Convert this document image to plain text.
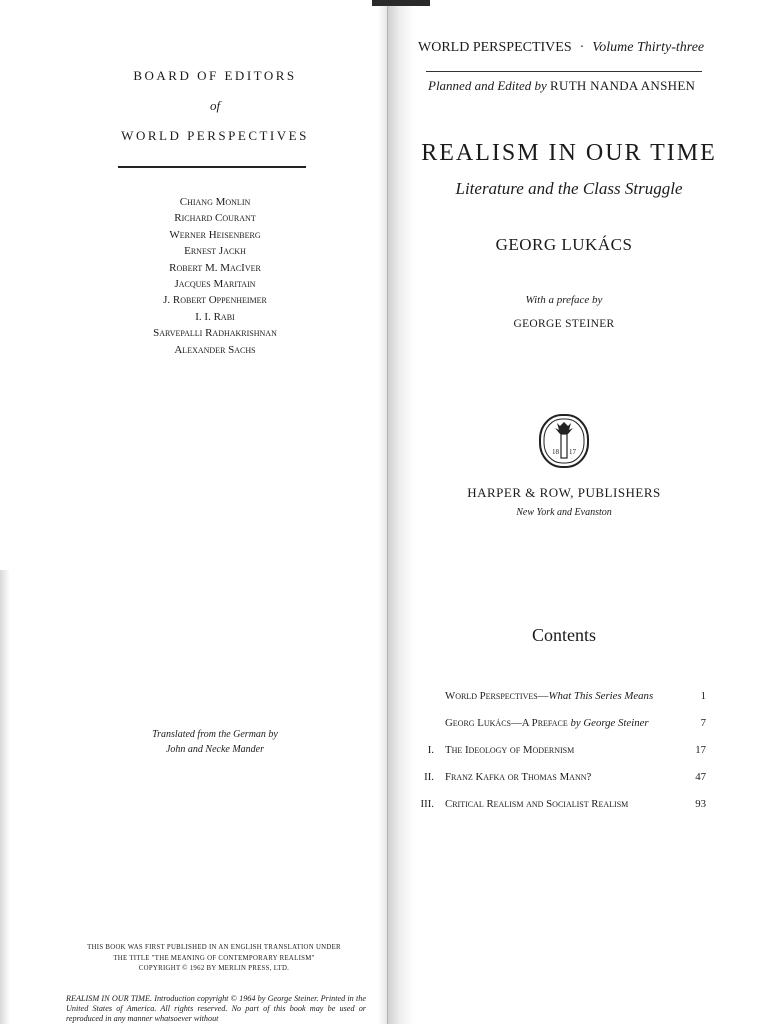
BOARD OF EDITORS
of
WORLD PERSPECTIVES
Chiang Monlin
Richard Courant
Werner Heisenberg
Ernest Jackh
Robert M. MacIver
Jacques Maritain
J. Robert Oppenheimer
I. I. Rabi
Sarvepalli Radhakrishnan
Alexander Sachs
Translated from the German by
John and Necke Mander
THIS BOOK WAS FIRST PUBLISHED IN AN ENGLISH TRANSLATION UNDER
THE TITLE "THE MEANING OF CONTEMPORARY REALISM"
COPYRIGHT © 1962 BY MERLIN PRESS, LTD.
REALISM IN OUR TIME. Introduction copyright © 1964 by George Steiner. Printed in the United States of America. All rights reserved. No part of this book may be used or reproduced in any manner whatsoever without
WORLD PERSPECTIVES · Volume Thirty-three
Planned and Edited by RUTH NANDA ANSHEN
REALISM IN OUR TIME
Literature and the Class Struggle
GEORG LUKÁCS
With a preface by
GEORGE STEINER
18 17
HARPER & ROW, PUBLISHERS
New York and Evanston
Contents
World Perspectives—What This Series Means	1
Georg Lukács—A Preface by George Steiner	7
I. The Ideology of Modernism	17
II. Franz Kafka or Thomas Mann?	47
III. Critical Realism and Socialist Realism	93
